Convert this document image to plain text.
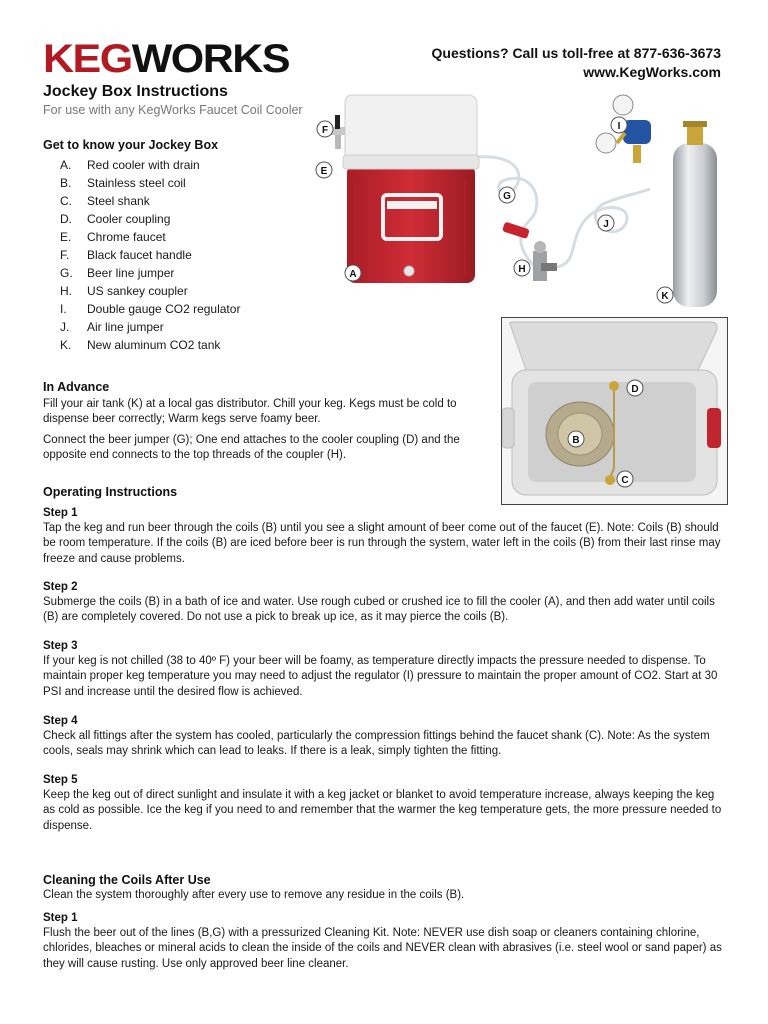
KEGWORKS	Questions? Call us toll-free at 877-636-3673
www.KegWorks.com
Jockey Box Instructions
For use with any KegWorks Faucet Coil Cooler
Get to know your Jockey Box
A.	Red cooler with drain
B.	Stainless steel coil
C.	Steel shank
D.	Cooler coupling
E.	Chrome faucet
F.	Black faucet handle
G.	Beer line jumper
H.	US sankey coupler
I.	Double gauge CO2 regulator
J.	Air line jumper
K.	New aluminum CO2 tank
F
E
A
G
H
I
J
K
D
B
C
In Advance
Fill your air tank (K) at a local gas distributor. Chill your keg. Kegs must be cold to dispense beer correctly; Warm kegs serve foamy beer.
Connect the beer jumper (G); One end attaches to the cooler coupling (D) and the opposite end connects to the top threads of the coupler (H).
Operating Instructions
Step 1
Tap the keg and run beer through the coils (B) until you see a slight amount of beer come out of the faucet (E). Note: Coils (B) should be room temperature. If the coils (B) are iced before beer is run through the system, water left in the coils (B) from their last rinse may freeze and cause problems.
Step 2
Submerge the coils (B) in a bath of ice and water. Use rough cubed or crushed ice to fill the cooler (A), and then add water until coils (B) are completely covered. Do not use a pick to break up ice, as it may pierce the coils (B).
Step 3
If your keg is not chilled (38 to 40º F) your beer will be foamy, as temperature directly impacts the pressure needed to dispense. To maintain proper keg temperature you may need to adjust the regulator (I) pressure to maintain the proper amount of CO2. Start at 30 PSI and increase until the desired flow is achieved.
Step 4
Check all fittings after the system has cooled, particularly the compression fittings behind the faucet shank (C). Note: As the system cools, seals may shrink which can lead to leaks. If there is a leak, simply tighten the fitting.
Step 5
Keep the keg out of direct sunlight and insulate it with a keg jacket or blanket to avoid temperature increase, always keeping the keg as cold as possible. Ice the keg if you need to and remember that the warmer the keg temperature gets, the more pressure needed to dispense.
Cleaning the Coils After Use
Clean the system thoroughly after every use to remove any residue in the coils (B).
Step 1
Flush the beer out of the lines (B,G) with a pressurized Cleaning Kit. Note: NEVER use dish soap or cleaners containing chlorine, chlorides, bleaches or mineral acids to clean the inside of the coils and NEVER clean with abrasives (i.e. steel wool or sand paper) as they will cause rusting. Use only approved beer line cleaner.
